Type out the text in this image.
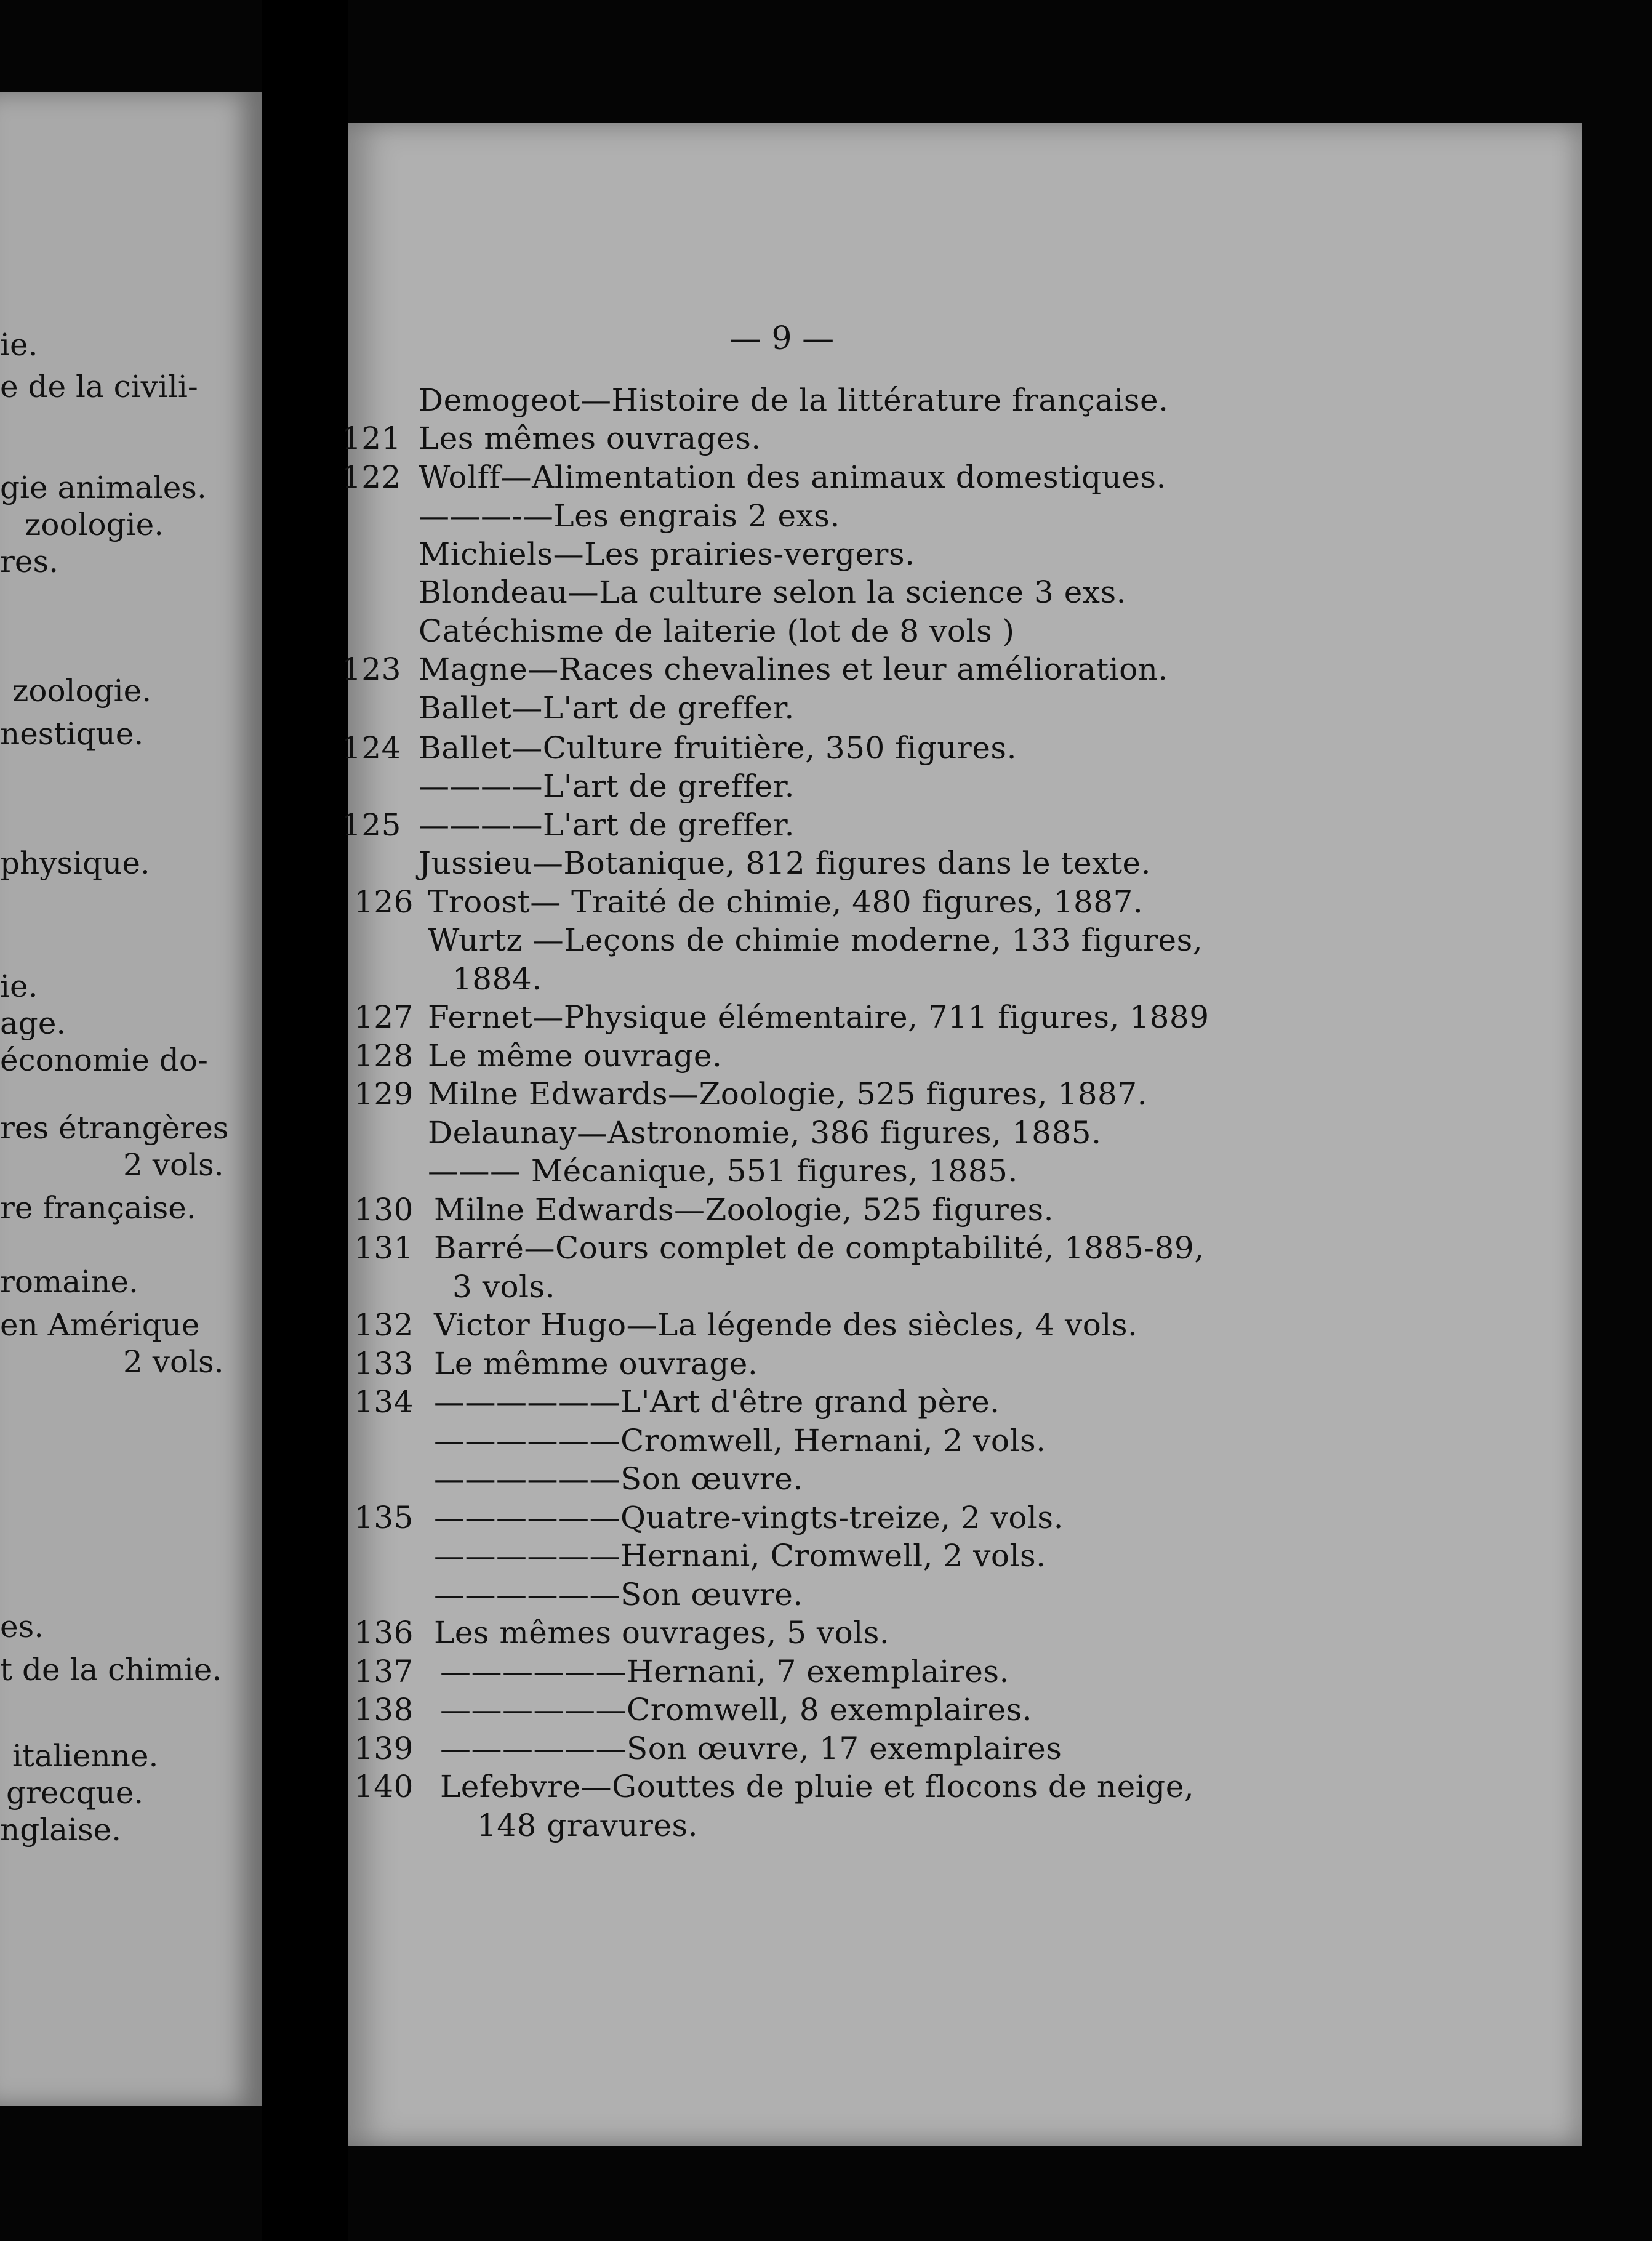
ie.
e de la civili-
gie animales.
zoologie.
res.
zoologie.
nestique.
physique.
ie.
age.
économie do-
res étrangères
2 vols.
re française.
romaine.
en Amérique
2 vols.
es.
t de la chimie.
italienne.
grecque.
nglaise.
— 9 —
Demogeot—Histoire de la littérature française.
121 Les mêmes ouvrages.
122 Wolff—Alimentation des animaux domestiques.
———-—Les engrais 2 exs.
Michiels—Les prairies-vergers.
Blondeau—La culture selon la science 3 exs.
Catéchisme de laiterie (lot de 8 vols )
123 Magne—Races chevalines et leur amélioration.
Ballet—L'art de greffer.
124 Ballet—Culture fruitière, 350 figures.
————L'art de greffer.
125 ————L'art de greffer.
Jussieu—Botanique, 812 figures dans le texte.
126 Troost— Traité de chimie, 480 figures, 1887.
Wurtz —Leçons de chimie moderne, 133 figures,
1884.
127 Fernet—Physique élémentaire, 711 figures, 1889
128 Le même ouvrage.
129 Milne Edwards—Zoologie, 525 figures, 1887.
Delaunay—Astronomie, 386 figures, 1885.
——— Mécanique, 551 figures, 1885.
130 Milne Edwards—Zoologie, 525 figures.
131 Barré—Cours complet de comptabilité, 1885-89,
3 vols.
132 Victor Hugo—La légende des siècles, 4 vols.
133 Le mêmme ouvrage.
134 ——————L'Art d'être grand père.
——————Cromwell, Hernani, 2 vols.
——————Son œuvre.
135 ——————Quatre-vingts-treize, 2 vols.
——————Hernani, Cromwell, 2 vols.
——————Son œuvre.
136 Les mêmes ouvrages, 5 vols.
137 ——————Hernani, 7 exemplaires.
138 ——————Cromwell, 8 exemplaires.
139 ——————Son œuvre, 17 exemplaires
140 Lefebvre—Gouttes de pluie et flocons de neige,
148 gravures.
